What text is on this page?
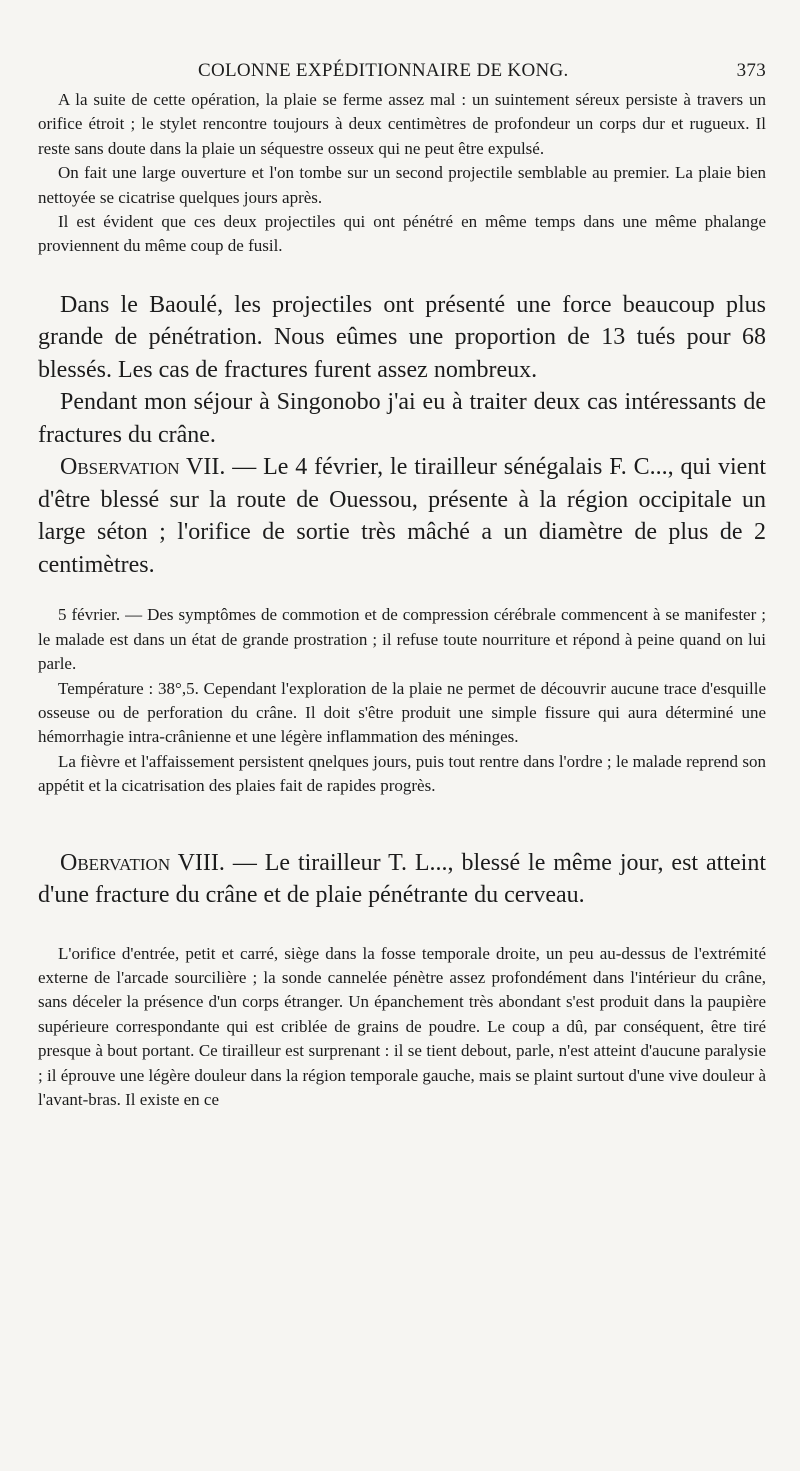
COLONNE EXPÉDITIONNAIRE DE KONG.	373

A la suite de cette opération, la plaie se ferme assez mal : un suintement séreux persiste à travers un orifice étroit ; le stylet rencontre toujours à deux centimètres de profondeur un corps dur et rugueux. Il reste sans doute dans la plaie un séquestre osseux qui ne peut être expulsé.

On fait une large ouverture et l'on tombe sur un second projectile semblable au premier. La plaie bien nettoyée se cicatrise quelques jours après.

Il est évident que ces deux projectiles qui ont pénétré en même temps dans une même phalange proviennent du même coup de fusil.

Dans le Baoulé, les projectiles ont présenté une force beaucoup plus grande de pénétration. Nous eûmes une proportion de 13 tués pour 68 blessés. Les cas de fractures furent assez nombreux.

Pendant mon séjour à Singonobo j'ai eu à traiter deux cas intéressants de fractures du crâne.

Observation VII. — Le 4 février, le tirailleur sénégalais F. C..., qui vient d'être blessé sur la route de Ouessou, présente à la région occipitale un large séton ; l'orifice de sortie très mâché a un diamètre de plus de 2 centimètres.

5 février. — Des symptômes de commotion et de compression cérébrale commencent à se manifester ; le malade est dans un état de grande prostration ; il refuse toute nourriture et répond à peine quand on lui parle.

Température : 38°,5. Cependant l'exploration de la plaie ne permet de découvrir aucune trace d'esquille osseuse ou de perforation du crâne. Il doit s'être produit une simple fissure qui aura déterminé une hémorrhagie intra-crânienne et une légère inflammation des méninges.

La fièvre et l'affaissement persistent qnelques jours, puis tout rentre dans l'ordre ; le malade reprend son appétit et la cicatrisation des plaies fait de rapides progrès.

Obervation VIII. — Le tirailleur T. L..., blessé le même jour, est atteint d'une fracture du crâne et de plaie pénétrante du cerveau.

L'orifice d'entrée, petit et carré, siège dans la fosse temporale droite, un peu au-dessus de l'extrémité externe de l'arcade sourcilière ; la sonde cannelée pénètre assez profondément dans l'intérieur du crâne, sans déceler la présence d'un corps étranger. Un épanchement très abondant s'est produit dans la paupière supérieure correspondante qui est criblée de grains de poudre. Le coup a dû, par conséquent, être tiré presque à bout portant. Ce tirailleur est surprenant : il se tient debout, parle, n'est atteint d'aucune paralysie ; il éprouve une légère douleur dans la région temporale gauche, mais se plaint surtout d'une vive douleur à l'avant-bras. Il existe en ce
